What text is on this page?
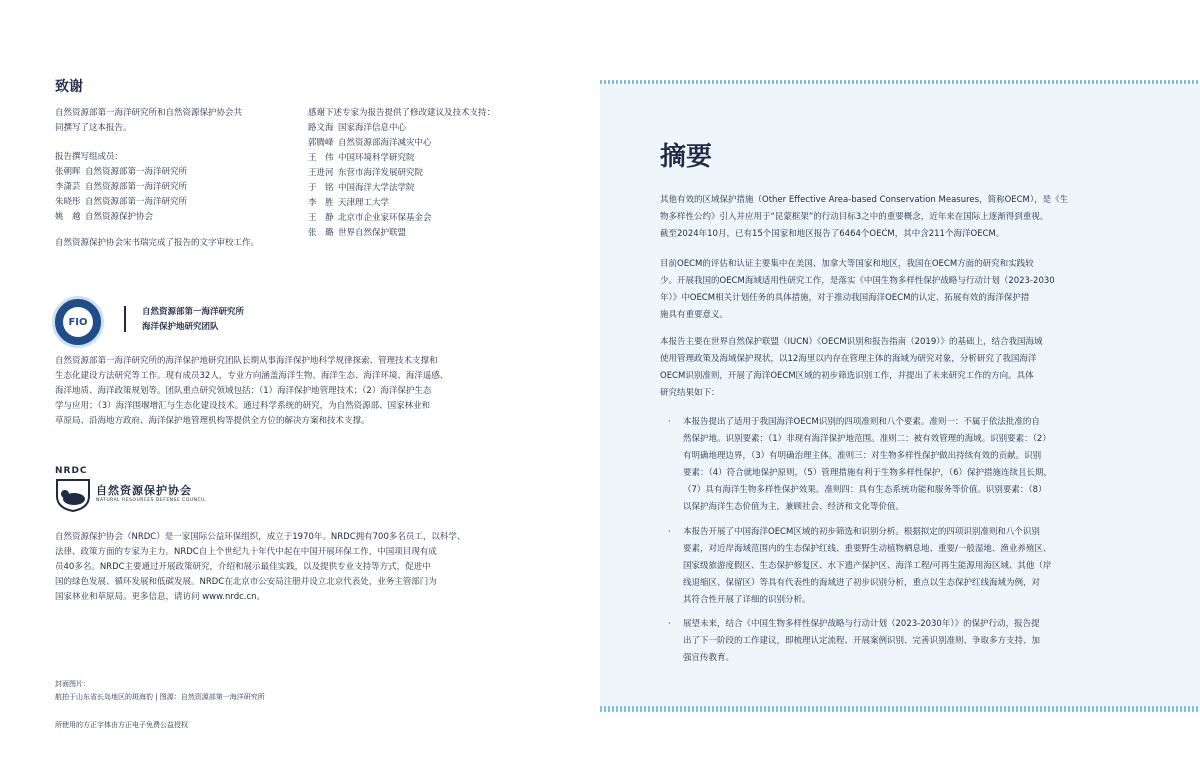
致谢
自然资源部第一海洋研究所和自然资源保护协会共
同撰写了这本报告。
报告撰写组成员：
张朝晖 自然资源部第一海洋研究所
李潇芸 自然资源部第一海洋研究所
朱晓彤 自然资源部第一海洋研究所
姚　越 自然资源保护协会
自然资源保护协会宋书瑞完成了报告的文字审校工作。
感谢下述专家为报告提供了修改建议及技术支持：
路文海 国家海洋信息中心
郭腾峰 自然资源部海洋减灾中心
王　伟 中国环境科学研究院
王进河 东营市海洋发展研究院
于　铭 中国海洋大学法学院
李　胜 天津理工大学
王　静 北京市企业家环保基金会
张　璐 世界自然保护联盟
FIO
自然资源部第一海洋研究所
海洋保护地研究团队
自然资源部第一海洋研究所的海洋保护地研究团队长期从事海洋保护地科学规律探索、管理技术支撑和
生态化建设方法研究等工作。现有成员32人，专业方向涵盖海洋生物、海洋生态、海洋环境、海洋遥感、
海洋地质、海洋政策规划等。团队重点研究领域包括：（1）海洋保护地管理技术；（2）海洋保护生态
学与应用；（3）海洋围堰增汇与生态化建设技术。通过科学系统的研究，为自然资源部、国家林业和
草原局、沿海地方政府、海洋保护地管理机构等提供全方位的解决方案和技术支撑。
NRDC
自然资源保护协会
NATURAL RESOURCES DEFENSE COUNCIL
自然资源保护协会（NRDC）是一家国际公益环保组织，成立于1970年。NRDC拥有700多名员工，以科学、
法律、政策方面的专家为主力。NRDC自上个世纪九十年代中起在中国开展环保工作，中国项目现有成
员40多名。NRDC主要通过开展政策研究，介绍和展示最佳实践，以及提供专业支持等方式，促进中
国的绿色发展、循环发展和低碳发展。NRDC在北京市公安局注册并设立北京代表处，业务主管部门为
国家林业和草原局。更多信息，请访问 www.nrdc.cn。
封面图片：
航拍于山东省长岛地区的斑海豹 | 图源：自然资源部第一海洋研究所
所使用的方正字体由方正电子免费公益授权
摘要
其他有效的区域保护措施（Other Effective Area-based Conservation Measures，简称OECM），是《生
物多样性公约》引入并应用于“昆蒙框架”的行动目标3之中的重要概念，近年来在国际上逐渐得到重视。
截至2024年10月，已有15个国家和地区报告了6464个OECM，其中含211个海洋OECM。
目前OECM的评估和认证主要集中在美国、加拿大等国家和地区，我国在OECM方面的研究和实践较
少。开展我国的OECM海域适用性研究工作，是落实《中国生物多样性保护战略与行动计划（2023-2030
年）》中OECM相关计划任务的具体措施，对于推动我国海洋OECM的认定、拓展有效的海洋保护措
施具有重要意义。
本报告主要在世界自然保护联盟（IUCN）《OECM识别和报告指南（2019）》的基础上，结合我国海域
使用管理政策及海域保护现状，以12海里以内存在管理主体的海域为研究对象，分析研究了我国海洋
OECM识别准则，开展了海洋OECM区域的初步筛选识别工作，并提出了未来研究工作的方向。具体
研究结果如下：
· 本报告提出了适用于我国海洋OECM识别的四项准则和八个要素。准则一：不属于依法批准的自
然保护地。识别要素：（1）非现有海洋保护地范围。准则二：被有效管理的海域。识别要素：（2）
有明确地理边界，（3）有明确治理主体。准则三：对生物多样性保护做出持续有效的贡献。识别
要素：（4）符合就地保护原则，（5）管理措施有利于生物多样性保护，（6）保护措施连续且长期，
（7）具有海洋生物多样性保护效果。准则四：具有生态系统功能和服务等价值。识别要素：（8）
以保护海洋生态价值为主，兼顾社会、经济和文化等价值。
· 本报告开展了中国海洋OECM区域的初步筛选和识别分析。根据拟定的四项识别准则和八个识别
要素，对近岸海域范围内的生态保护红线、重要野生动植物栖息地、重要/一般湿地、渔业养殖区、
国家级旅游度假区、生态保护修复区、水下遗产保护区、海洋工程/可再生能源用海区域、其他（岸
线退缩区、保留区）等具有代表性的海域进了初步识别分析，重点以生态保护红线海域为例，对
其符合性开展了详细的识别分析。
· 展望未来，结合《中国生物多样性保护战略与行动计划（2023-2030年）》的保护行动，报告提
出了下一阶段的工作建议，即梳理认定流程、开展案例识别、完善识别准则、争取多方支持、加
强宣传教育。
